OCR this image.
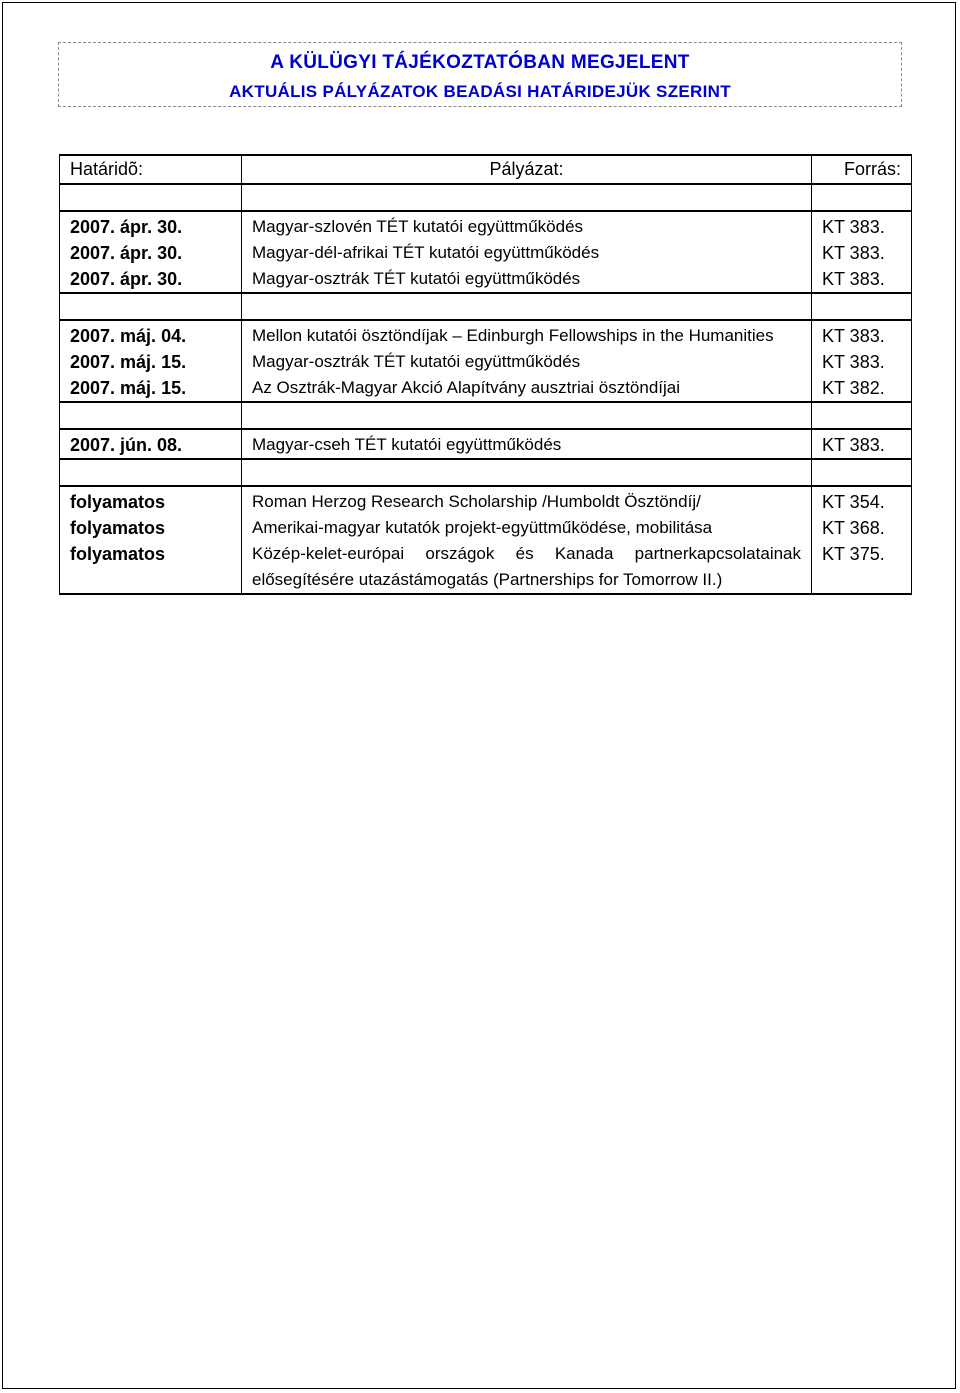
A KÜLÜGYI TÁJÉKOZTATÓBAN MEGJELENT
AKTUÁLIS PÁLYÁZATOK BEADÁSI HATÁRIDEJÜK SZERINT
Határidõ:	Pályázat:	Forrás:

2007. ápr. 30.	Magyar-szlovén TÉT kutatói együttműködés	KT 383.
2007. ápr. 30.	Magyar-dél-afrikai TÉT kutatói együttműködés	KT 383.
2007. ápr. 30.	Magyar-osztrák TÉT kutatói együttműködés	KT 383.

2007. máj. 04.	Mellon kutatói ösztöndíjak – Edinburgh Fellowships in the Humanities	KT 383.
2007. máj. 15.	Magyar-osztrák TÉT kutatói együttműködés	KT 383.
2007. máj. 15.	Az Osztrák-Magyar Akció Alapítvány ausztriai ösztöndíjai	KT 382.

2007. jún. 08.	Magyar-cseh TÉT kutatói együttműködés	KT 383.

folyamatos	Roman Herzog Research Scholarship /Humboldt Ösztöndíj/	KT 354.
folyamatos	Amerikai-magyar kutatók projekt-együttműködése, mobilitása	KT 368.
folyamatos	Közép-kelet-európai országok és Kanada partnerkapcsolatainak elősegítésére utazástámogatás (Partnerships for Tomorrow II.)	KT 375.
